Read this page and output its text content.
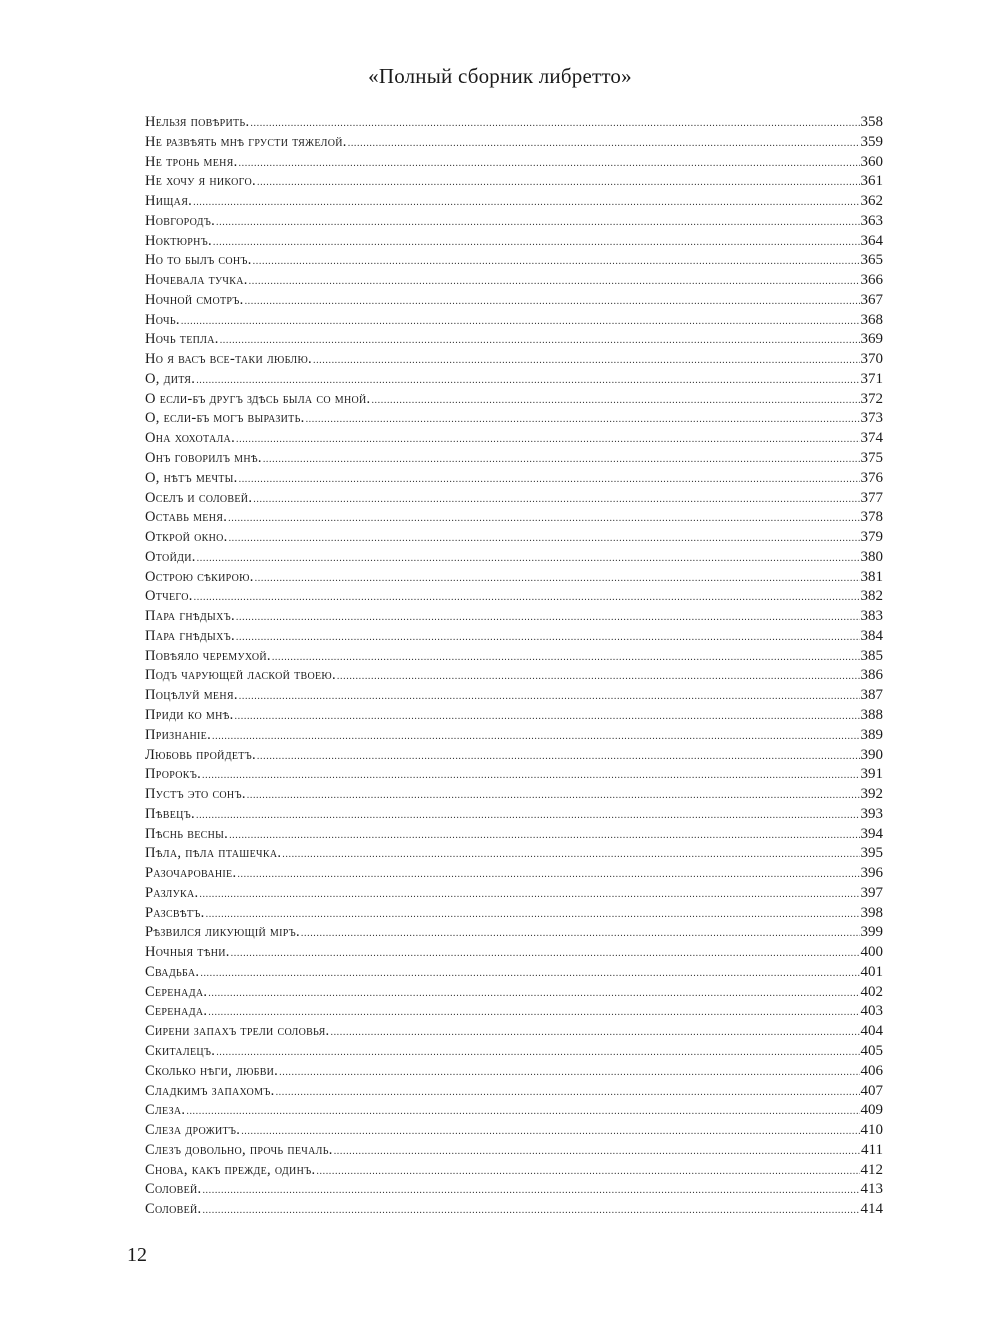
«Полный сборник либретто»
Нельзя повѣрить. .....	358
Не развѣять мнѣ грусти тяжелой. .....	359
Не тронь меня. .....	360
Не хочу я никого. .....	361
Нищая. .....	362
Новгородъ. .....	363
Ноктюрнъ. .....	364
Но то былъ сонъ. .....	365
Ночевала тучка. .....	366
Ночной смотръ. .....	367
Ночь. .....	368
Ночь тепла. .....	369
Но я васъ все-таки люблю. .....	370
О, дитя. .....	371
О если-бъ другъ здѣсь была со мной. .....	372
О, если-бъ могъ выразить. .....	373
Она хохотала. .....	374
Онъ говорилъ мнѣ. .....	375
О, нѣтъ мечты. .....	376
Оселъ и соловей. .....	377
Оставь меня. .....	378
Открой окно. .....	379
Отойди. .....	380
Острою сѣкирою. .....	381
Отчего. .....	382
Пара гнѣдыхъ. .....	383
Пара гнѣдыхъ. .....	384
Повѣяло черемухой. .....	385
Подъ чарующей лаской твоею. .....	386
Поцѣлуй меня. .....	387
Приди ко мнѣ. .....	388
Признаніе. .....	389
Любовь пройдетъ. .....	390
Пророкъ. .....	391
Пустъ это сонъ. .....	392
Пѣвецъ. .....	393
Пѣснь весны. .....	394
Пѣла, пѣла пташечка. .....	395
Разочарованіе. .....	396
Разлука. .....	397
Разсвѣтъ. .....	398
Рѣзвился ликующій міръ. .....	399
Ночныя тѣни. .....	400
Свадьба. .....	401
Серенада. .....	402
Серенада. .....	403
Сирени запахъ трели соловья. .....	404
Скиталецъ. .....	405
Сколько нѣги, любви. .....	406
Сладкимъ запахомъ. .....	407
Слеза. .....	409
Слеза дрожитъ. .....	410
Слезъ довольно, прочь печаль. .....	411
Снова, какъ прежде, одинъ. .....	412
Соловей. .....	413
Соловей. .....	414
12
